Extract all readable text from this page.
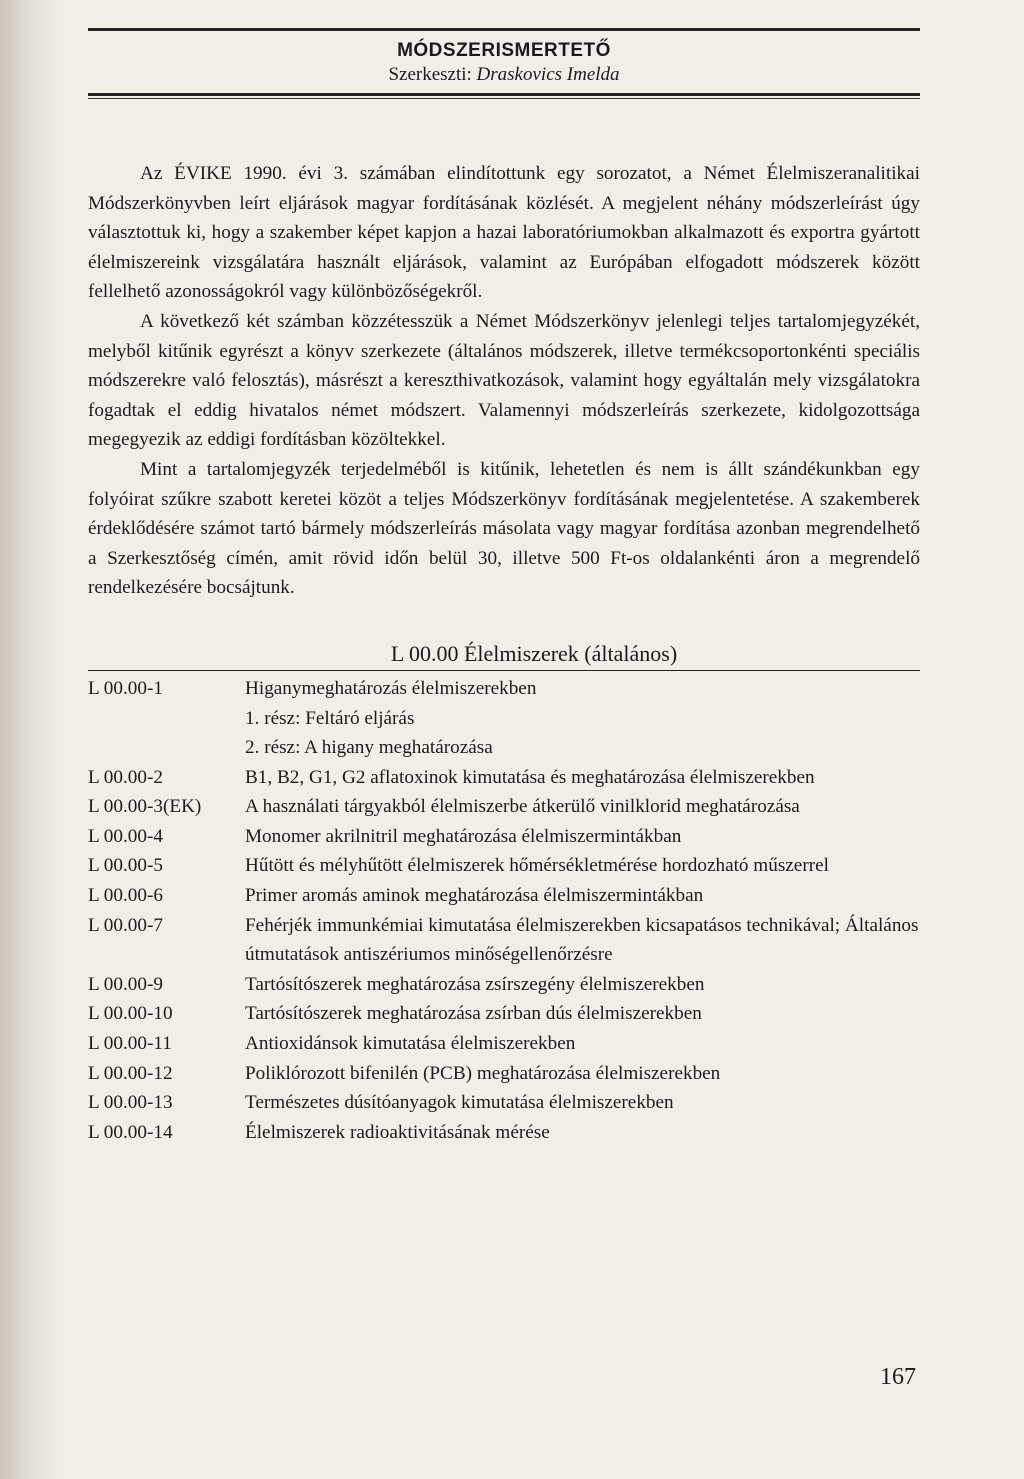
MÓDSZERISMERTETŐ
Szerkeszti: Draskovics Imelda

Az ÉVIKE 1990. évi 3. számában elindítottunk egy sorozatot, a Német Élelmiszeranalitikai Módszerkönyvben leírt eljárások magyar fordításának közlését. A megjelent néhány módszerleírást úgy választottuk ki, hogy a szakember képet kapjon a hazai laboratóriumokban alkalmazott és exportra gyártott élelmiszereink vizsgálatára használt eljárások, valamint az Európában elfogadott módszerek között fellelhető azonosságokról vagy különbözőségekről.

A következő két számban közzétesszük a Német Módszerkönyv jelenlegi teljes tartalomjegyzékét, melyből kitűnik egyrészt a könyv szerkezete (általános módszerek, illetve termékcsoportonkénti speciális módszerekre való felosztás), másrészt a kereszthivatkozások, valamint hogy egyáltalán mely vizsgálatokra fogadtak el eddig hivatalos német módszert. Valamennyi módszerleírás szerkezete, kidolgozottsága megegyezik az eddigi fordításban közöltekkel.

Mint a tartalomjegyzék terjedelméből is kitűnik, lehetetlen és nem is állt szándékunkban egy folyóirat szűkre szabott keretei közöt a teljes Módszerkönyv fordításának megjelentetése. A szakemberek érdeklődésére számot tartó bármely módszerleírás másolata vagy magyar fordítása azonban megrendelhető a Szerkesztőség címén, amit rövid időn belül 30, illetve 500 Ft-os oldalankénti áron a megrendelő rendelkezésére bocsájtunk.

L 00.00 Élelmiszerek (általános)
L 00.00-1	Higanymeghatározás élelmiszerekben
1. rész: Feltáró eljárás
2. rész: A higany meghatározása
L 00.00-2	B1, B2, G1, G2 aflatoxinok kimutatása és meghatározása élelmiszerekben
L 00.00-3(EK)	A használati tárgyakból élelmiszerbe átkerülő vinilklorid meghatározása
L 00.00-4	Monomer akrilnitril meghatározása élelmiszermintákban
L 00.00-5	Hűtött és mélyhűtött élelmiszerek hőmérsékletmérése hordozható műszerrel
L 00.00-6	Primer aromás aminok meghatározása élelmiszermintákban
L 00.00-7	Fehérjék immunkémiai kimutatása élelmiszerekben kicsapatásos technikával; Általános útmutatások antiszériumos minőségellenőrzésre
L 00.00-9	Tartósítószerek meghatározása zsírszegény élelmiszerekben
L 00.00-10	Tartósítószerek meghatározása zsírban dús élelmiszerekben
L 00.00-11	Antioxidánsok kimutatása élelmiszerekben
L 00.00-12	Poliklórozott bifenilén (PCB) meghatározása élelmiszerekben
L 00.00-13	Természetes dúsítóanyagok kimutatása élelmiszerekben
L 00.00-14	Élelmiszerek radioaktivitásának mérése
167
